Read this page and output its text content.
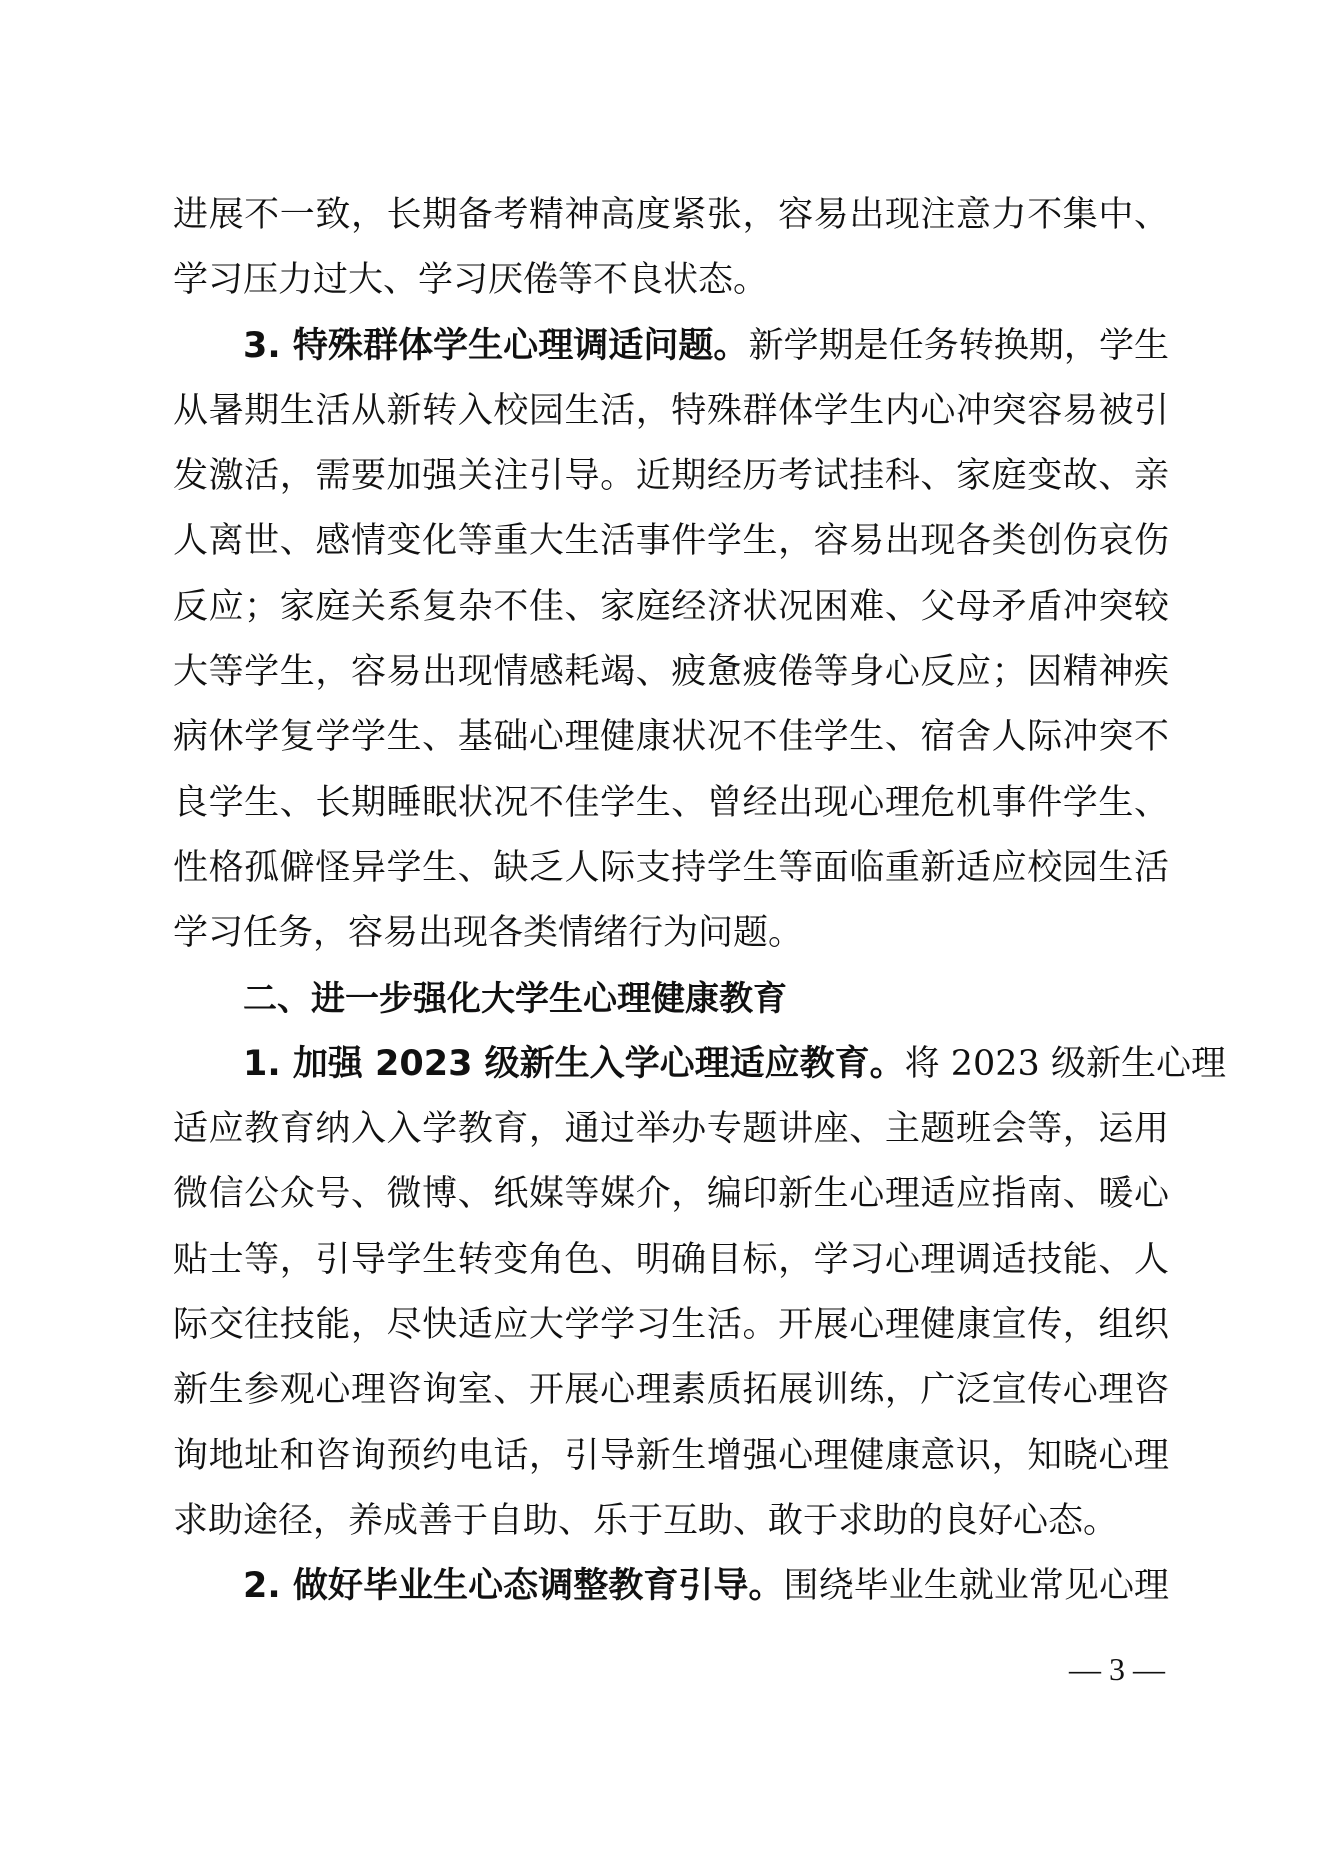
进展不一致，长期备考精神高度紧张，容易出现注意力不集中、
学习压力过大、学习厌倦等不良状态。
3. 特殊群体学生心理调适问题。新学期是任务转换期，学生
从暑期生活从新转入校园生活，特殊群体学生内心冲突容易被引
发激活，需要加强关注引导。近期经历考试挂科、家庭变故、亲
人离世、感情变化等重大生活事件学生，容易出现各类创伤哀伤
反应；家庭关系复杂不佳、家庭经济状况困难、父母矛盾冲突较
大等学生，容易出现情感耗竭、疲惫疲倦等身心反应；因精神疾
病休学复学学生、基础心理健康状况不佳学生、宿舍人际冲突不
良学生、长期睡眠状况不佳学生、曾经出现心理危机事件学生、
性格孤僻怪异学生、缺乏人际支持学生等面临重新适应校园生活
学习任务，容易出现各类情绪行为问题。
二、进一步强化大学生心理健康教育
1. 加强 2023 级新生入学心理适应教育。将 2023 级新生心理
适应教育纳入入学教育，通过举办专题讲座、主题班会等，运用
微信公众号、微博、纸媒等媒介，编印新生心理适应指南、暖心
贴士等，引导学生转变角色、明确目标，学习心理调适技能、人
际交往技能，尽快适应大学学习生活。开展心理健康宣传，组织
新生参观心理咨询室、开展心理素质拓展训练，广泛宣传心理咨
询地址和咨询预约电话，引导新生增强心理健康意识，知晓心理
求助途径，养成善于自助、乐于互助、敢于求助的良好心态。
2. 做好毕业生心态调整教育引导。围绕毕业生就业常见心理
— 3 —
